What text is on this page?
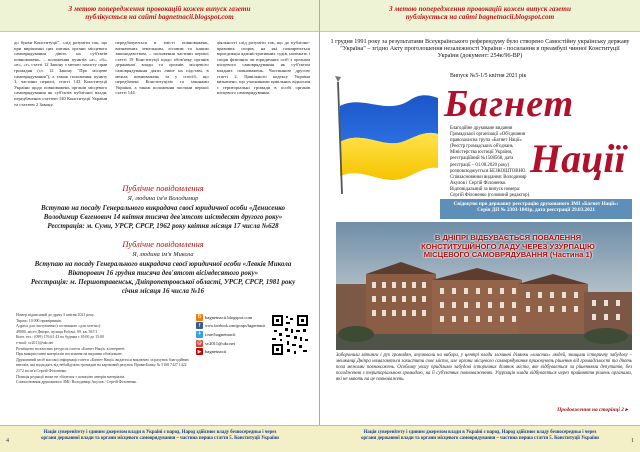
З метою попередження провокацій кожен випуск газети
публікується на сайті bagnetnacii.blogspot.com
до букви Конституції", слід розуміти так, що при вирішенні цих питань органи місцевого самоврядування діють на суб'єктів повноважень. – положення пунктів «а», «б», «в», «г» статті 12 Закону з метою захисту прав громадян (ст. 12 Закону "Про місцеве самоврядування"), а також положення пункту 1, частини першої, статті 143 Конституції України щодо повноважень органів місцевого самоврядування як суб'єктів публічної влади, передбачених статтею 140 Конституції України та статтею 2 Закону.
передбачуються в змісті повноважень, визначених земельним, лісовим та іншим законодавством, – положення частини першої статті 19 Конституції щодо обов'язку органів державної влади та органів місцевого самоврядування діяти лише на підставі, в межах повноважень та у спосіб, що передбачені Конституцією та законами України, а також положення частини першої статті 144.
діяльності слід розуміти так, що до публічно-правових спорів, на які поширюється юрисдикція адміністративних судів, належать і спори фізичних чи юридичних осіб з органом місцевого самоврядування як суб'єктом владних повноважень. Частинною другою статті 2, Цивільного кодексу України визначено, що учасниками цивільних відносин є територіальні громади в особі органів місцевого самоврядування.
Публічне повідомлення
Я, людина ім'я Володимир
Вступаю на посаду Генерального викрадача своєї юридичної особи «Денисенко
Володимир Євгенович 14 квітня тисяча дев'ятсот шістдесят другого року»
Реєстрація: м. Суми, УРСР, СРСР, 1962 року квітня місяця 17 числа №628
Публічне повідомлення
Я, людина ім'я Микола
Вступаю на посаду Генерального викрадача своєї юридичної особи «Левків Микола
Вікторович 16 грудня тисяча дев'ятсот вісімдесятого року»
Реєстрація: м. Першотравенськ, Дніпропетровської області, УРСР, СРСР, 1981 року
січня місяця 16 числа №16
Номер підписаний до друку 5 квітня 2021 року.
Тираж: 10 000 примірників.
Адреса для листування (з позначкою «для газети»):
49000, місто Дніпро, вулиця Робоча, 69, кв. 367/1
Конт. тел.: (099) 176 61 43 по будням з 10:00 до 15:00
e-mail: sv2011@ukr.net
Розміщено на власних ресурсах газети «Багнет Нації» в інтернеті.
При використанні матеріалів посилання на видання обов'язкове.
Друкований засіб масової інформації газети «Багнет Нації» видається виключно за рахунок благодійних внесків, які надходять від небайдужих громадян на картковий рахунок ПриватБанку № 5168 7427 1422 2172 на ім'я Сергій Філоненко.
Позиція редакції може не збігатися з позицією авторів матеріалів.
Співзасновник друкованого ЗМІ: Володимир Акулов / Сергій Філоненко.
B bagnetnacii.blogspot.com
f	www.facebook.com/groups/bagnetnacii
✈ t.me/bagnetnacii
@ sv2011@ukr.net
▶ bagnetnacii
Нація суверенітету і єдиним джерелом влади в Україні є народ. Народ здійснює владу безпосередньо і через
органи державної влади та органи місцевого самоврядування – частина перша стаття 5. Конституції України
4
З метою попередження провокацій кожен випуск газети
публікується на сайті bagnetnacii.blogspot.com
1 грудня 1991 року за результатами Всеукраїнського референдуму було створено Самостійну українську державу "Україна" – згідно Акту проголошення незалежності України - посилання в преамбулі чинної Конституції України (документ: 254к/96-ВР)
Випуск №5-1/5 квітня 2021 рік
Багнет
Благодійне друковане видання Громадської організації «Об'єднання правозахисна група «Багнет Нації» (Реєстр громадських об'єднань Міністерства юстиції України, реєстраційний №1508568, дата реєстрації – 01.08.2020 року) розповсюджується БЕЗКОШТОВНО. Співзасновники видання: Володимир Акулов і Сергій Філоненко. Відповідальний за випуск номера: Сергій Філоненко (головний редактор).
Нації
Свідоцтво про державну реєстрацію друкованого ЗМІ «Багнет Нації»:
Серія ДП № 2303-1041р, дата реєстрації 29.03.2021
В ДНІПРІ ВІДБУВАЄТЬСЯ ПОВАЛЕННЯ КОНСТИТУЦІЙНОГО ЛАДУ ЧЕРЕЗ УЗУРПАЦІЮ МІСЦЕВОГО САМОВРЯДУВАННЯ (Частина 1)
Заборонили мітинги і рух громадян, анулювали на вибори, у центрі влади злочинні ділянки «власних» людей, знищили історичну забудову – мешканці Дніпра намагаються захистити своє місто, але органи місцевого самоврядування приховують рішення від громадськості та діють поза межами повноважень. Особливу увагу приділимо забудові історичних ділянок міста, яке відбувається за рішеннями депутатів, без погодження з територіальною громадою, на її суб'єктних повноваженнях. Узурпація влади відбувається через прийняття рішень органами, які не мають на це повноважень.
Продовження на сторінці 2 ▸
Нація суверенітету і єдиним джерелом влади в Україні є народ. Народ здійснює владу безпосередньо і через
органи державної влади та органи місцевого самоврядування – частина перша стаття 5. Конституції України	1
